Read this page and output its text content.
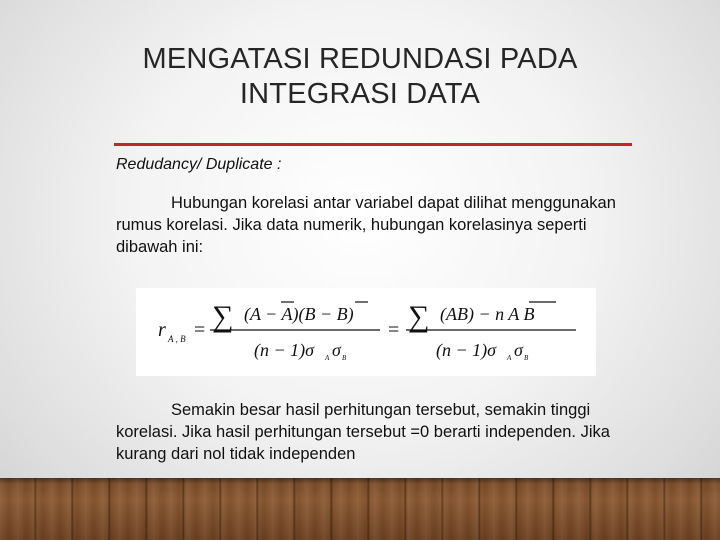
MENGATASI REDUNDASI PADA
INTEGRASI DATA
Redudancy/ Duplicate :
Hubungan korelasi antar variabel dapat dilihat menggunakan rumus korelasi. Jika data numerik, hubungan korelasinya seperti dibawah ini:
r A , B = ∑ (A − A)(B − B)
(n − 1)σ A σ B
= ∑ (AB) − n A B
(n − 1)σ A σ B
Semakin besar hasil perhitungan tersebut, semakin tinggi korelasi. Jika hasil perhitungan tersebut =0 berarti independen. Jika kurang dari nol tidak independen
